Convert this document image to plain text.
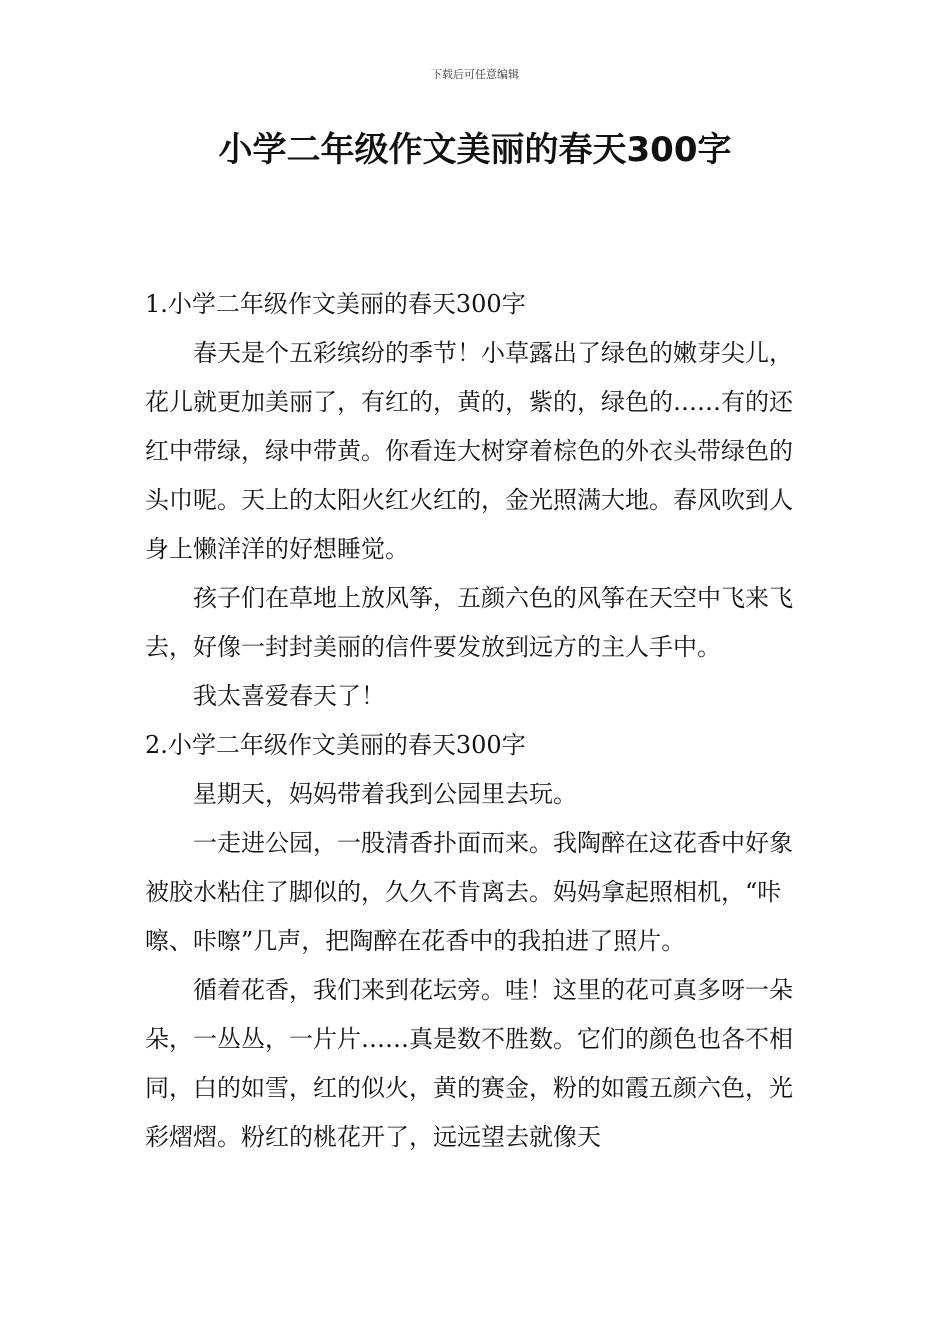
下载后可任意编辑
小学二年级作文美丽的春天300字

1.小学二年级作文美丽的春天300字

春天是个五彩缤纷的季节！小草露出了绿色的嫩芽尖儿，花儿就更加美丽了，有红的，黄的，紫的，绿色的……有的还红中带绿，绿中带黄。你看连大树穿着棕色的外衣头带绿色的头巾呢。天上的太阳火红火红的，金光照满大地。春风吹到人身上懒洋洋的好想睡觉。

孩子们在草地上放风筝，五颜六色的风筝在天空中飞来飞去，好像一封封美丽的信件要发放到远方的主人手中。

我太喜爱春天了！

2.小学二年级作文美丽的春天300字

星期天，妈妈带着我到公园里去玩。

一走进公园，一股清香扑面而来。我陶醉在这花香中好象被胶水粘住了脚似的，久久不肯离去。妈妈拿起照相机，“咔嚓、咔嚓”几声，把陶醉在花香中的我拍进了照片。

循着花香，我们来到花坛旁。哇！这里的花可真多呀一朵朵，一丛丛，一片片……真是数不胜数。它们的颜色也各不相同，白的如雪，红的似火，黄的赛金，粉的如霞五颜六色，光彩熠熠。粉红的桃花开了，远远望去就像天
